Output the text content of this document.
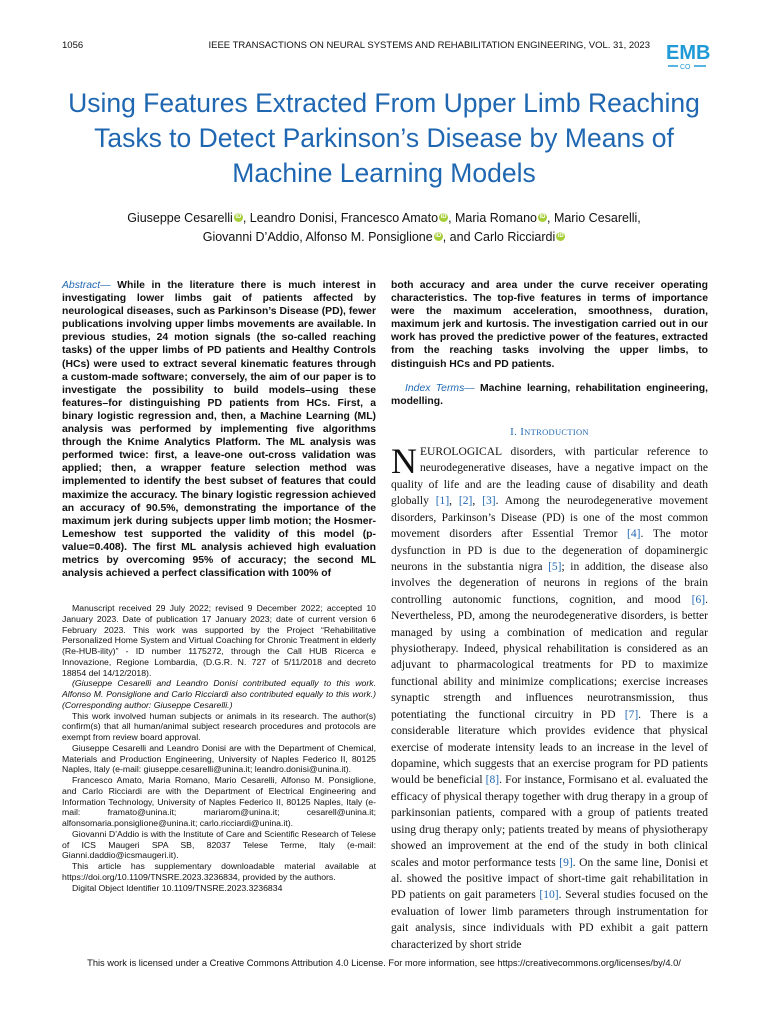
1056	IEEE TRANSACTIONS ON NEURAL SYSTEMS AND REHABILITATION ENGINEERING, VOL. 31, 2023 EMB
CO
Using Features Extracted From Upper Limb Reaching Tasks to Detect Parkinson’s Disease by Means of Machine Learning Models
Giuseppe Cesarelli iD , Leandro Donisi, Francesco Amato iD , Maria Romano iD , Mario Cesarelli,
Giovanni D’Addio, Alfonso M. Ponsiglione iD , and Carlo Ricciardi iD

Abstract— While in the literature there is much interest in investigating lower limbs gait of patients affected by neurological diseases, such as Parkinson’s Disease (PD), fewer publications involving upper limbs movements are available. In previous studies, 24 motion signals (the so-called reaching tasks) of the upper limbs of PD patients and Healthy Controls (HCs) were used to extract several kinematic features through a custom-made software; conversely, the aim of our paper is to investigate the possibility to build models–using these features–for distinguishing PD patients from HCs. First, a binary logistic regression and, then, a Machine Learning (ML) analysis was performed by implementing five algorithms through the Knime Analytics Platform. The ML analysis was performed twice: first, a leave-one out-cross validation was applied; then, a wrapper feature selection method was implemented to identify the best subset of features that could maximize the accuracy. The binary logistic regression achieved an accuracy of 90.5%, demonstrating the importance of the maximum jerk during subjects upper limb motion; the Hosmer-Lemeshow test supported the validity of this model (p-value=0.408). The first ML analysis achieved high evaluation metrics by overcoming 95% of accuracy; the second ML analysis achieved a perfect classification with 100% of

Manuscript received 29 July 2022; revised 9 December 2022; accepted 10 January 2023. Date of publication 17 January 2023; date of current version 6 February 2023. This work was supported by the Project “Rehabilitative Personalized Home System and Virtual Coaching for Chronic Treatment in elderly (Re-HUB-ility)” - ID number 1175272, through the Call HUB Ricerca e Innovazione, Regione Lombardia, (D.G.R. N. 727 of 5/11/2018 and decreto 18854 del 14/12/2018).

(Giuseppe Cesarelli and Leandro Donisi contributed equally to this work. Alfonso M. Ponsiglione and Carlo Ricciardi also contributed equally to this work.) (Corresponding author: Giuseppe Cesarelli.)

This work involved human subjects or animals in its research. The author(s) confirm(s) that all human/animal subject research procedures and protocols are exempt from review board approval.

Giuseppe Cesarelli and Leandro Donisi are with the Department of Chemical, Materials and Production Engineering, University of Naples Federico II, 80125 Naples, Italy (e-mail: giuseppe.cesarelli@unina.it; leandro.donisi@unina.it).

Francesco Amato, Maria Romano, Mario Cesarelli, Alfonso M. Ponsiglione, and Carlo Ricciardi are with the Department of Electrical Engineering and Information Technology, University of Naples Federico II, 80125 Naples, Italy (e-mail: framato@unina.it; mariarom@unina.it; cesarell@unina.it; alfonsomaria.ponsiglione@unina.it; carlo.ricciardi@unina.it).

Giovanni D’Addio is with the Institute of Care and Scientific Research of Telese of ICS Maugeri SPA SB, 82037 Telese Terme, Italy (e-mail: Gianni.daddio@icsmaugeri.it).

This article has supplementary downloadable material available at https://doi.org/10.1109/TNSRE.2023.3236834, provided by the authors.

Digital Object Identifier 10.1109/TNSRE.2023.3236834

both accuracy and area under the curve receiver operating characteristics. The top-five features in terms of importance were the maximum acceleration, smoothness, duration, maximum jerk and kurtosis. The investigation carried out in our work has proved the predictive power of the features, extracted from the reaching tasks involving the upper limbs, to distinguish HCs and PD patients.

Index Terms— Machine learning, rehabilitation engineering, modelling.

I. INTRODUCTION

NEUROLOGICAL disorders, with particular reference to neurodegenerative diseases, have a negative impact on the quality of life and are the leading cause of disability and death globally [1], [2], [3]. Among the neurodegenerative movement disorders, Parkinson’s Disease (PD) is one of the most common movement disorders after Essential Tremor [4]. The motor dysfunction in PD is due to the degeneration of dopaminergic neurons in the substantia nigra [5]; in addition, the disease also involves the degeneration of neurons in regions of the brain controlling autonomic functions, cognition, and mood [6]. Nevertheless, PD, among the neurodegenerative disorders, is better managed by using a combination of medication and regular physiotherapy. Indeed, physical rehabilitation is considered as an adjuvant to pharmacological treatments for PD to maximize functional ability and minimize complications; exercise increases synaptic strength and influences neurotransmission, thus potentiating the functional circuitry in PD [7]. There is a considerable literature which provides evidence that physical exercise of moderate intensity leads to an increase in the level of dopamine, which suggests that an exercise program for PD patients would be beneficial [8]. For instance, Formisano et al. evaluated the efficacy of physical therapy together with drug therapy in a group of parkinsonian patients, compared with a group of patients treated using drug therapy only; patients treated by means of physiotherapy showed an improvement at the end of the study in both clinical scales and motor performance tests [9]. On the same line, Donisi et al. showed the positive impact of short-time gait rehabilitation in PD patients on gait parameters [10]. Several studies focused on the evaluation of lower limb parameters through instrumentation for gait analysis, since individuals with PD exhibit a gait pattern characterized by short stride

This work is licensed under a Creative Commons Attribution 4.0 License. For more information, see https://creativecommons.org/licenses/by/4.0/
